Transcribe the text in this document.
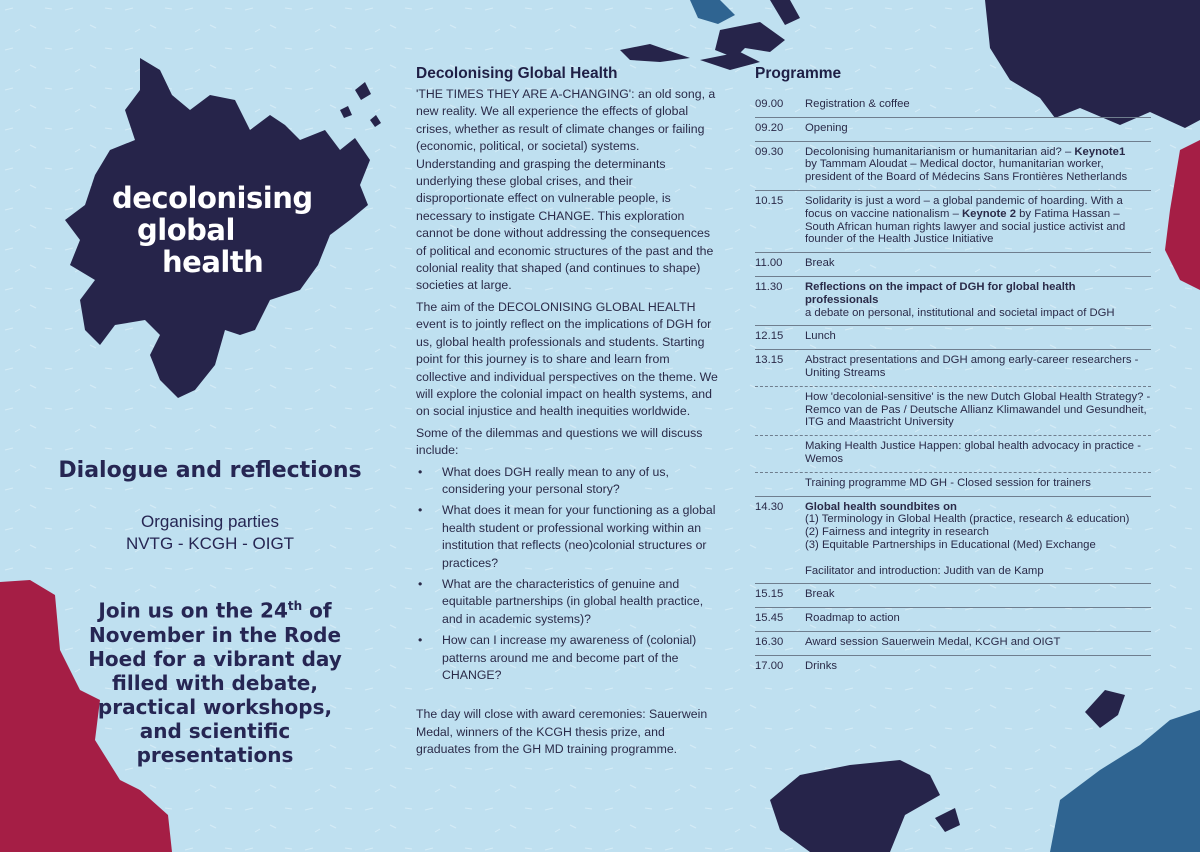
decolonising
global
health
Dialogue and reflections
Organising parties
NVTG - KCGH - OIGT
Join us on the 24th of November in the Rode Hoed for a vibrant day filled with debate, practical workshops, and scientific presentations
Decolonising Global Health

'THE TIMES THEY ARE A-CHANGING': an old song, a new reality. We all experience the effects of global crises, whether as result of climate changes or failing (economic, political, or societal) systems. Understanding and grasping the determinants underlying these global crises, and their disproportionate effect on vulnerable people, is necessary to instigate CHANGE. This exploration cannot be done without addressing the consequences of political and economic structures of the past and the colonial reality that shaped (and continues to shape) societies at large.

The aim of the DECOLONISING GLOBAL HEALTH event is to jointly reflect on the implications of DGH for us, global health professionals and students. Starting point for this journey is to share and learn from collective and individual perspectives on the theme. We will explore the colonial impact on health systems, and on social injustice and health inequities worldwide.

Some of the dilemmas and questions we will discuss include:

• What does DGH really mean to any of us, considering your personal story?
• What does it mean for your functioning as a global health student or professional working within an institution that reflects (neo)colonial structures or practices?
• What are the characteristics of genuine and equitable partnerships (in global health practice, and in academic systems)?
• How can I increase my awareness of (colonial) patterns around me and become part of the CHANGE?

The day will close with award ceremonies: Sauerwein Medal, winners of the KCGH thesis prize, and graduates from the GH MD training programme.

Programme
09.00	Registration & coffee
09.20	Opening
09.30	Decolonising humanitarianism or humanitarian aid? – Keynote1
by Tammam Aloudat – Medical doctor, humanitarian worker, president of the Board of Médecins Sans Frontières Netherlands
10.15	Solidarity is just a word – a global pandemic of hoarding. With a focus on vaccine nationalism – Keynote 2 by Fatima Hassan – South African human rights lawyer and social justice activist and founder of the Health Justice Initiative
11.00	Break
11.30	Reflections on the impact of DGH for global health professionals
a debate on personal, institutional and societal impact of DGH
12.15	Lunch
13.15	Abstract presentations and DGH among early-career researchers - Uniting Streams
How 'decolonial-sensitive' is the new Dutch Global Health Strategy? - Remco van de Pas / Deutsche Allianz Klimawandel und Gesundheit, ITG and Maastricht University
Making Health Justice Happen: global health advocacy in practice - Wemos
Training programme MD GH - Closed session for trainers
14.30	Global health soundbites on
(1) Terminology in Global Health (practice, research & education)
(2) Fairness and integrity in research
(3) Equitable Partnerships in Educational (Med) Exchange

Facilitator and introduction: Judith van de Kamp
15.15	Break
15.45	Roadmap to action
16.30	Award session Sauerwein Medal, KCGH and OIGT
17.00	Drinks
